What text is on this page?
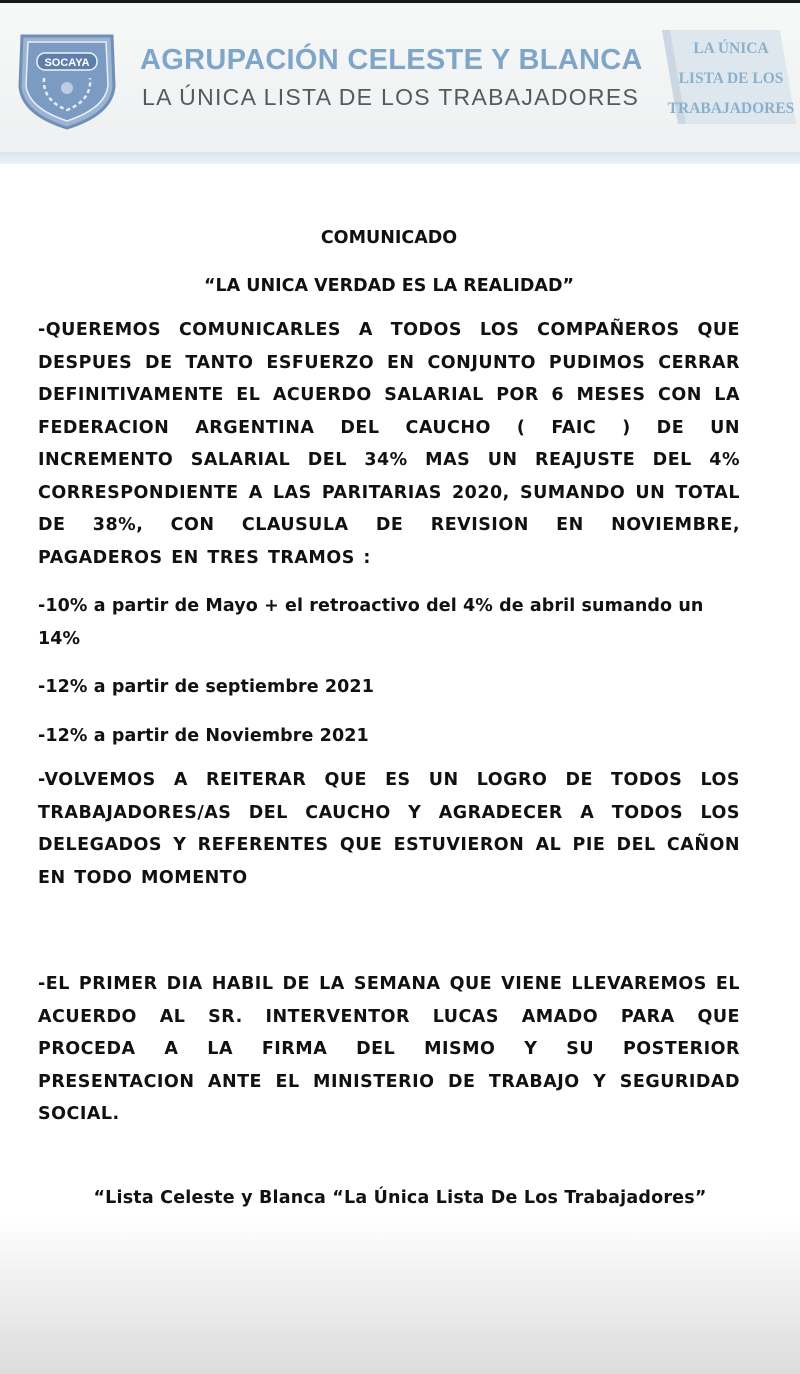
SOCAYA AGRUPACIÓN CELESTE Y BLANCA
LA ÚNICA LISTA DE LOS TRABAJADORES
LA ÚNICA
LISTA DE LOS
TRABAJADORES

COMUNICADO

“LA UNICA VERDAD ES LA REALIDAD”

-QUEREMOS COMUNICARLES A TODOS LOS COMPAÑEROS QUE DESPUES DE TANTO ESFUERZO EN CONJUNTO PUDIMOS CERRAR DEFINITIVAMENTE EL ACUERDO SALARIAL POR 6 MESES CON LA FEDERACION ARGENTINA DEL CAUCHO ( FAIC ) DE UN INCREMENTO SALARIAL DEL 34% MAS UN REAJUSTE DEL 4% CORRESPONDIENTE A LAS PARITARIAS 2020, SUMANDO UN TOTAL DE 38%, CON CLAUSULA DE REVISION EN NOVIEMBRE, PAGADEROS EN TRES TRAMOS :

-10% a partir de Mayo + el retroactivo del 4% de abril sumando un 14%

-12% a partir de septiembre 2021

-12% a partir de Noviembre 2021

-VOLVEMOS A REITERAR QUE ES UN LOGRO DE TODOS LOS TRABAJADORES/AS DEL CAUCHO Y AGRADECER A TODOS LOS DELEGADOS Y REFERENTES QUE ESTUVIERON AL PIE DEL CAÑON EN TODO MOMENTO

-EL PRIMER DIA HABIL DE LA SEMANA QUE VIENE LLEVAREMOS EL ACUERDO AL SR. INTERVENTOR LUCAS AMADO PARA QUE PROCEDA A LA FIRMA DEL MISMO Y SU POSTERIOR PRESENTACION ANTE EL MINISTERIO DE TRABAJO Y SEGURIDAD SOCIAL.

“Lista Celeste y Blanca “La Única Lista De Los Trabajadores”
